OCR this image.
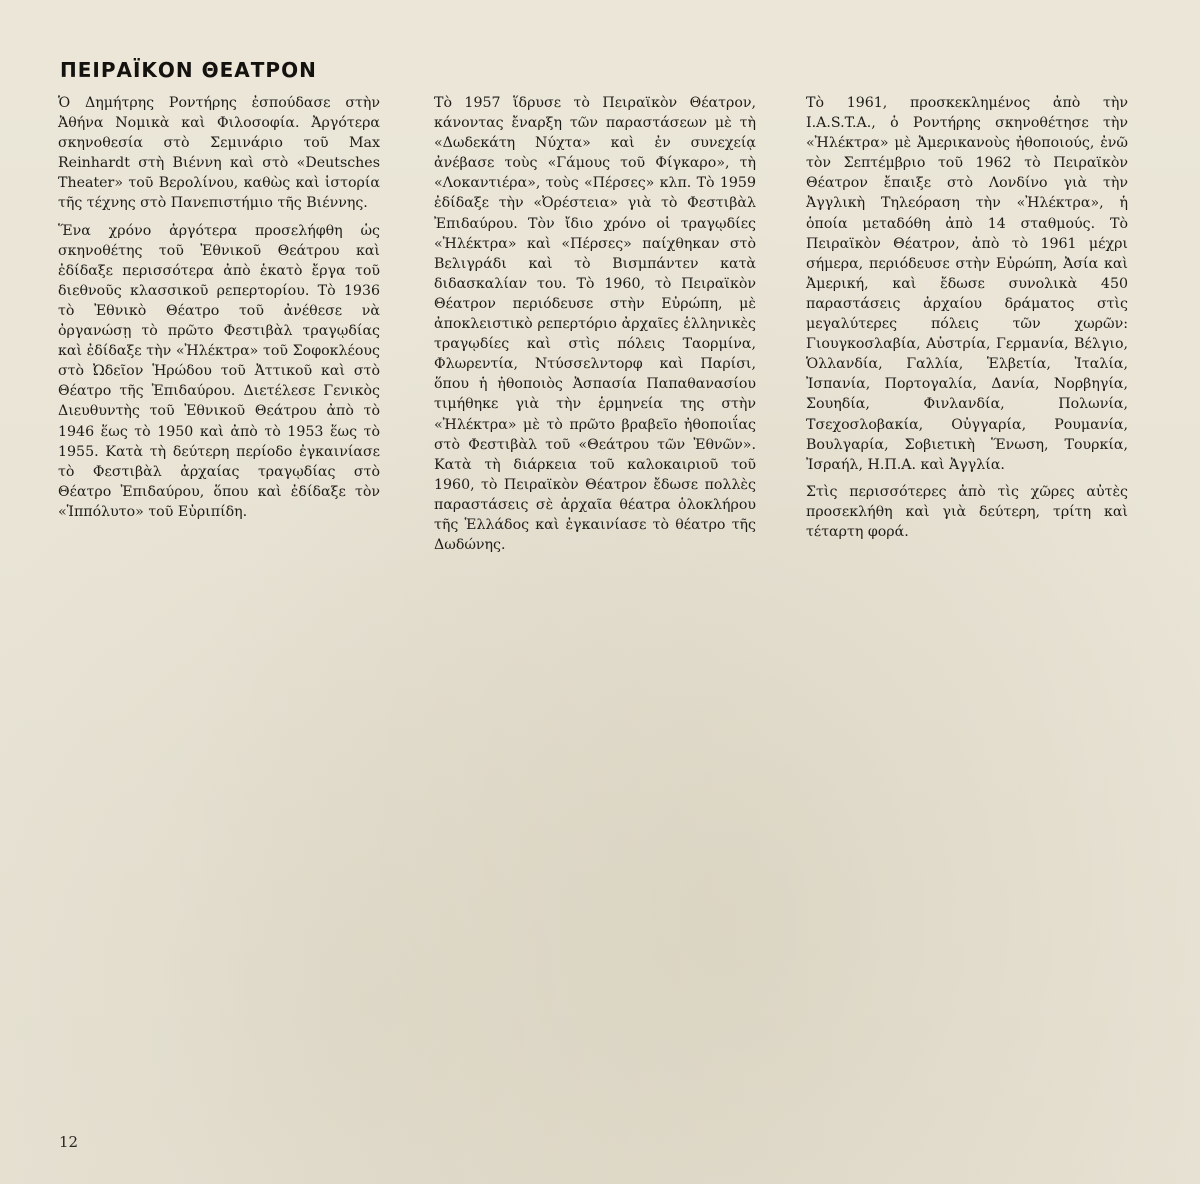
ΠΕΙΡΑΪΚΟΝ ΘΕΑΤΡΟΝ

Ὁ Δημήτρης Ροντήρης ἐσπούδασε στὴν Ἀθήνα Νομικὰ καὶ Φιλοσοφία. Ἀργότερα σκηνοθεσία στὸ Σεμινάριο τοῦ Max Reinhardt στὴ Βιέννη καὶ στὸ «Deutsches Theater» τοῦ Βερολίνου, καθὼς καὶ ἱστορία τῆς τέχνης στὸ Πανεπιστήμιο τῆς Βιέννης.

Ἕνα χρόνο ἀργότερα προσελήφθη ὡς σκηνοθέτης τοῦ Ἐθνικοῦ Θεάτρου καὶ ἐδίδαξε περισσότερα ἀπὸ ἑκατὸ ἔργα τοῦ διεθνοῦς κλασσικοῦ ρεπερτορίου. Τὸ 1936 τὸ Ἐθνικὸ Θέατρο τοῦ ἀνέθεσε νὰ ὀργανώσῃ τὸ πρῶτο Φεστιβὰλ τραγῳδίας καὶ ἐδίδαξε τὴν «Ἠλέκτρα» τοῦ Σοφοκλέους στὸ Ὠδεῖον Ἡρώδου τοῦ Ἀττικοῦ καὶ στὸ Θέατρο τῆς Ἐπιδαύρου. Διετέλεσε Γενικὸς Διευθυντὴς τοῦ Ἐθνικοῦ Θεάτρου ἀπὸ τὸ 1946 ἕως τὸ 1950 καὶ ἀπὸ τὸ 1953 ἕως τὸ 1955. Κατὰ τὴ δεύτερη περίοδο ἐγκαινίασε τὸ Φεστιβὰλ ἀρχαίας τραγῳδίας στὸ Θέατρο Ἐπιδαύρου, ὅπου καὶ ἐδίδαξε τὸν «Ἱππόλυτο» τοῦ Εὐριπίδη.

Τὸ 1957 ἵδρυσε τὸ Πειραϊκὸν Θέατρον, κάνοντας ἔναρξη τῶν παραστάσεων μὲ τὴ «Δωδεκάτη Νύχτα» καὶ ἐν συνεχείᾳ ἀνέβασε τοὺς «Γάμους τοῦ Φίγκαρο», τὴ «Λοκαντιέρα», τοὺς «Πέρσες» κλπ. Τὸ 1959 ἐδίδαξε τὴν «Ὀρέστεια» γιὰ τὸ Φεστιβὰλ Ἐπιδαύρου. Τὸν ἴδιο χρόνο οἱ τραγῳδίες «Ἠλέκτρα» καὶ «Πέρσες» παίχθηκαν στὸ Βελιγράδι καὶ τὸ Βισμπάντεν κατὰ διδασκαλίαν του. Τὸ 1960, τὸ Πειραϊκὸν Θέατρον περιόδευσε στὴν Εὐρώπη, μὲ ἀποκλειστικὸ ρεπερτόριο ἀρχαῖες ἑλληνικὲς τραγῳδίες καὶ στὶς πόλεις Ταορμίνα, Φλωρεντία, Ντύσσελντορφ καὶ Παρίσι, ὅπου ἡ ἠθοποιὸς Ἀσπασία Παπαθανασίου τιμήθηκε γιὰ τὴν ἑρμηνεία της στὴν «Ἠλέκτρα» μὲ τὸ πρῶτο βραβεῖο ἠθοποιΐας στὸ Φεστιβὰλ τοῦ «Θεάτρου τῶν Ἐθνῶν». Κατὰ τὴ διάρκεια τοῦ καλοκαιριοῦ τοῦ 1960, τὸ Πειραϊκὸν Θέατρον ἔδωσε πολλὲς παραστάσεις σὲ ἀρχαῖα θέατρα ὁλοκλήρου τῆς Ἑλλάδος καὶ ἐγκαινίασε τὸ θέατρο τῆς Δωδώνης.

Τὸ 1961, προσκεκλημένος ἀπὸ τὴν I.A.S.T.A., ὁ Ροντήρης σκηνοθέτησε τὴν «Ἠλέκτρα» μὲ Ἀμερικανοὺς ἠθοποιούς, ἐνῶ τὸν Σεπτέμβριο τοῦ 1962 τὸ Πειραϊκὸν Θέατρον ἔπαιξε στὸ Λονδίνο γιὰ τὴν Ἀγγλικὴ Τηλεόραση τὴν «Ἠλέκτρα», ἡ ὁποία μεταδόθη ἀπὸ 14 σταθμούς. Τὸ Πειραϊκὸν Θέατρον, ἀπὸ τὸ 1961 μέχρι σήμερα, περιόδευσε στὴν Εὐρώπη, Ἀσία καὶ Ἀμερική, καὶ ἔδωσε συνολικὰ 450 παραστάσεις ἀρχαίου δράματος στὶς μεγαλύτερες πόλεις τῶν χωρῶν: Γιουγκοσλαβία, Αὐστρία, Γερμανία, Βέλγιο, Ὁλλανδία, Γαλλία, Ἑλβετία, Ἰταλία, Ἰσπανία, Πορτογαλία, Δανία, Νορβηγία, Σουηδία, Φινλανδία, Πολωνία, Τσεχοσλοβακία, Οὐγγαρία, Ρουμανία, Βουλγαρία, Σοβιετικὴ Ἕνωση, Τουρκία, Ἰσραήλ, Η.Π.Α. καὶ Ἀγγλία.

Στὶς περισσότερες ἀπὸ τὶς χῶρες αὐτὲς προσεκλήθη καὶ γιὰ δεύτερη, τρίτη καὶ τέταρτη φορά.

12
